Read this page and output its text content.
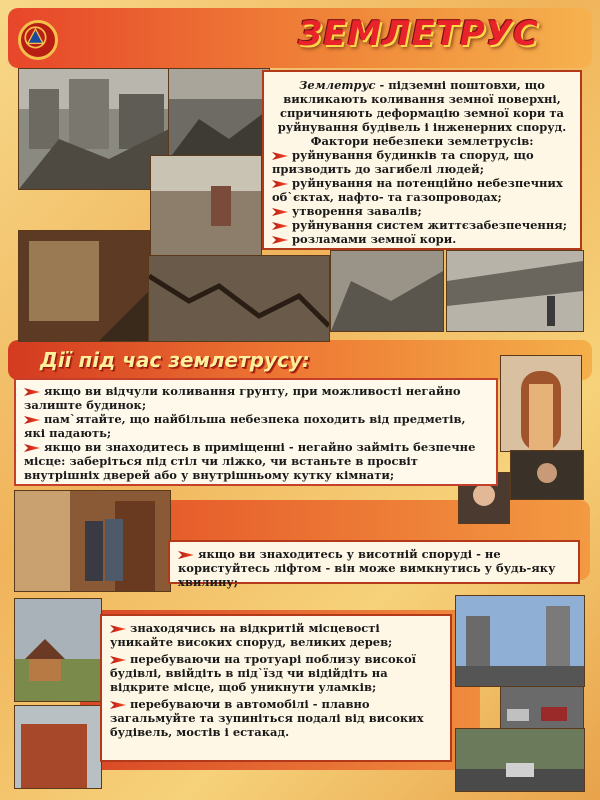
ЗЕМЛЕТРУС

Землетрус - підземні поштовхи, що викликають коливання земної поверхні, спричиняють деформацію земної кори та руйнування будівель і інженерних споруд.

Фактори небезпеки землетрусів:

руйнування будинків та споруд, що призводить до загибелі людей;

руйнування на потенційно небезпечних об`єктах, нафто- та газопроводах;

утворення завалів;

руйнування систем життєзабезпечення;

розламами земної кори.

Дії під час землетрусу:

якщо ви відчули коливання грунту, при можливості негайно залиште будинок;

пам`ятайте, що найбільша небезпека походить від предметів, які падають;

якщо ви знаходитесь в приміщенні - негайно займіть безпечне місце: заберіться під стіл чи ліжко, чи встаньте в просвіт внутрішніх дверей або у внутрішньому кутку кімнати;

якщо ви знаходитесь у висотній споруді - не користуйтесь ліфтом - він може вимкнутись у будь-яку хвилину;

знаходячись на відкритій місцевості уникайте високих споруд, великих дерев;

перебуваючи на тротуарі поблизу високої будівлі, ввійдіть в під`їзд чи відійдіть на відкрите місце, щоб уникнути уламків;

перебуваючи в автомобілі - плавно загальмуйте та зупиніться подалі від високих будівель, мостів і естакад.
